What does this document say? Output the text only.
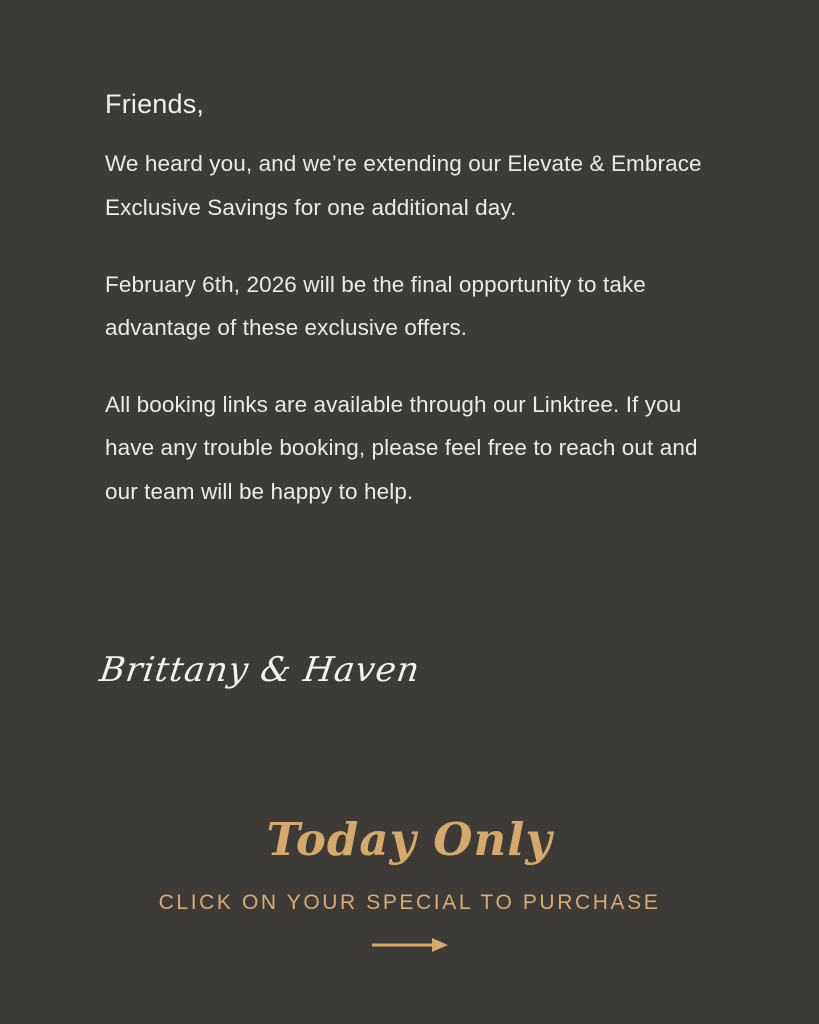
Friends,

We heard you, and we’re extending our Elevate & Embrace Exclusive Savings for one additional day.

February 6th, 2026 will be the final opportunity to take advantage of these exclusive offers.

All booking links are available through our Linktree. If you have any trouble booking, please feel free to reach out and our team will be happy to help.

Brittany & Haven
Today Only
CLICK ON YOUR SPECIAL TO PURCHASE
